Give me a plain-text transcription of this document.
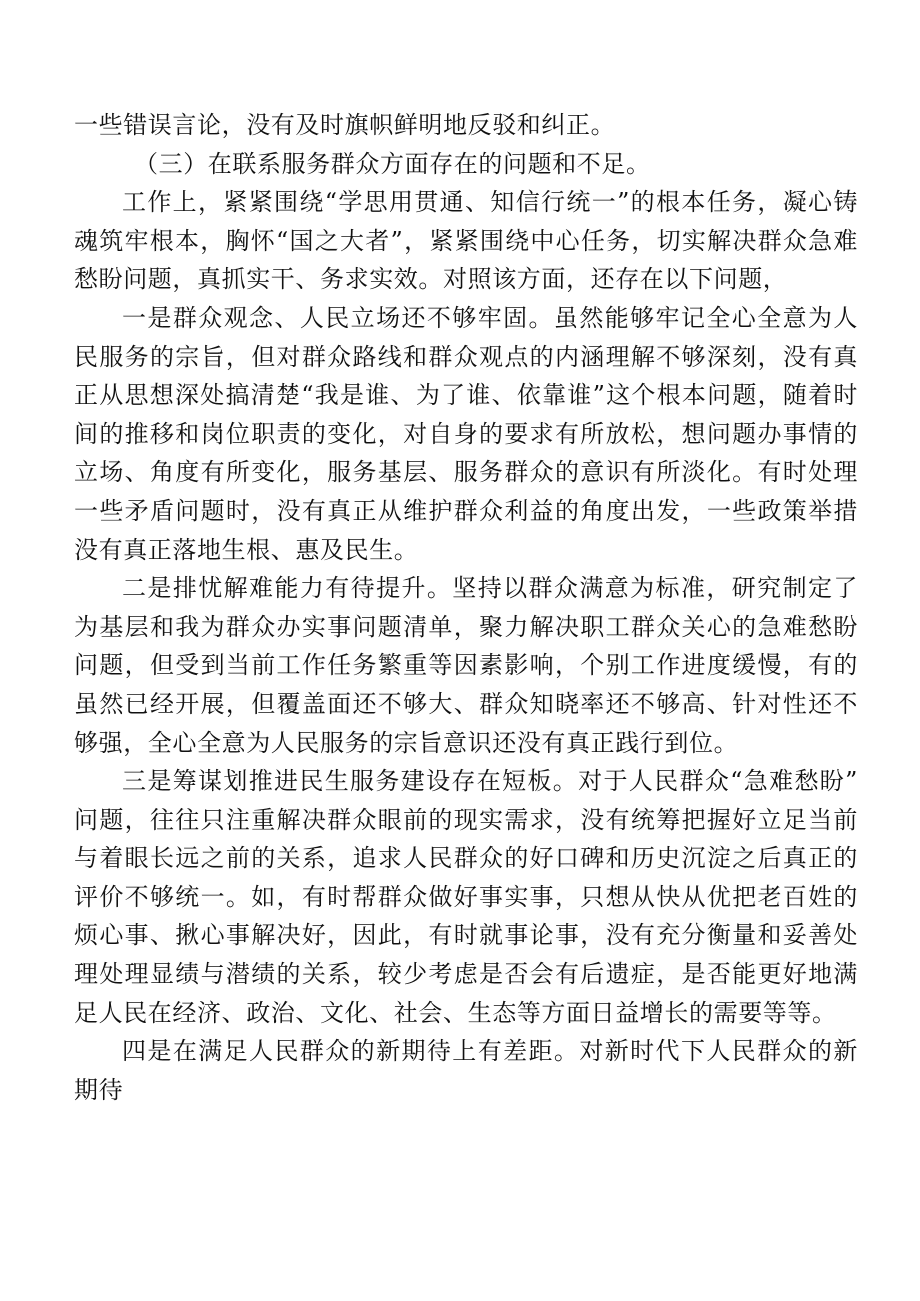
一些错误言论，没有及时旗帜鲜明地反驳和纠正。

（三）在联系服务群众方面存在的问题和不足。

工作上，紧紧围绕“学思用贯通、知信行统一”的根本任务，凝心铸魂筑牢根本，胸怀“国之大者”，紧紧围绕中心任务，切实解决群众急难愁盼问题，真抓实干、务求实效。对照该方面，还存在以下问题，

一是群众观念、人民立场还不够牢固。虽然能够牢记全心全意为人民服务的宗旨，但对群众路线和群众观点的内涵理解不够深刻，没有真正从思想深处搞清楚“我是谁、为了谁、依靠谁”这个根本问题，随着时间的推移和岗位职责的变化，对自身的要求有所放松，想问题办事情的立场、角度有所变化，服务基层、服务群众的意识有所淡化。有时处理一些矛盾问题时，没有真正从维护群众利益的角度出发，一些政策举措没有真正落地生根、惠及民生。

二是排忧解难能力有待提升。坚持以群众满意为标准，研究制定了为基层和我为群众办实事问题清单，聚力解决职工群众关心的急难愁盼问题，但受到当前工作任务繁重等因素影响，个别工作进度缓慢，有的虽然已经开展，但覆盖面还不够大、群众知晓率还不够高、针对性还不够强，全心全意为人民服务的宗旨意识还没有真正践行到位。

三是筹谋划推进民生服务建设存在短板。对于人民群众“急难愁盼”问题，往往只注重解决群众眼前的现实需求，没有统筹把握好立足当前与着眼长远之前的关系，追求人民群众的好口碑和历史沉淀之后真正的评价不够统一。如，有时帮群众做好事实事，只想从快从优把老百姓的烦心事、揪心事解决好，因此，有时就事论事，没有充分衡量和妥善处理处理显绩与潜绩的关系，较少考虑是否会有后遗症，是否能更好地满足人民在经济、政治、文化、社会、生态等方面日益增长的需要等等。

四是在满足人民群众的新期待上有差距。对新时代下人民群众的新期待
